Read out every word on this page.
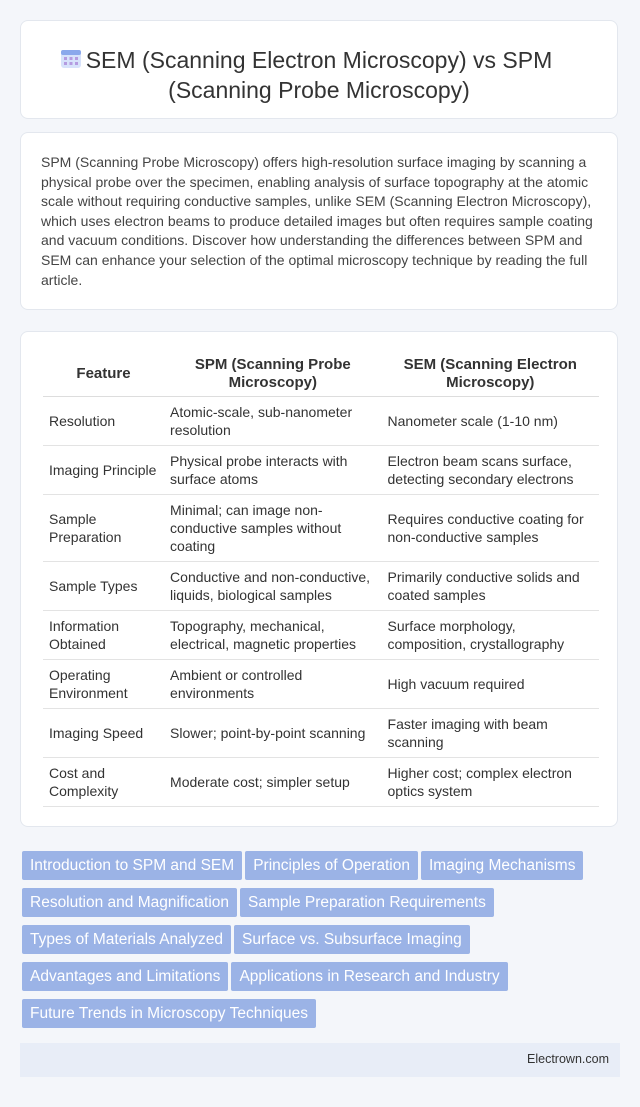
SEM (Scanning Electron Microscopy) vs SPM (Scanning Probe Microscopy)
SPM (Scanning Probe Microscopy) offers high-resolution surface imaging by scanning a physical probe over the specimen, enabling analysis of surface topography at the atomic scale without requiring conductive samples, unlike SEM (Scanning Electron Microscopy), which uses electron beams to produce detailed images but often requires sample coating and vacuum conditions. Discover how understanding the differences between SPM and SEM can enhance your selection of the optimal microscopy technique by reading the full article.
Feature	SPM (Scanning Probe Microscopy)	SEM (Scanning Electron Microscopy)
Resolution	Atomic-scale, sub-nanometer resolution	Nanometer scale (1-10 nm)
Imaging Principle	Physical probe interacts with surface atoms	Electron beam scans surface, detecting secondary electrons
Sample Preparation	Minimal; can image non-conductive samples without coating	Requires conductive coating for non-conductive samples
Sample Types	Conductive and non-conductive, liquids, biological samples	Primarily conductive solids and coated samples
Information Obtained	Topography, mechanical, electrical, magnetic properties	Surface morphology, composition, crystallography
Operating Environment	Ambient or controlled environments	High vacuum required
Imaging Speed	Slower; point-by-point scanning	Faster imaging with beam scanning
Cost and Complexity	Moderate cost; simpler setup	Higher cost; complex electron optics system
Introduction to SPM and SEM Principles of Operation Imaging Mechanisms
Resolution and Magnification Sample Preparation Requirements
Types of Materials Analyzed Surface vs. Subsurface Imaging
Advantages and Limitations Applications in Research and Industry
Future Trends in Microscopy Techniques
Electrown.com
